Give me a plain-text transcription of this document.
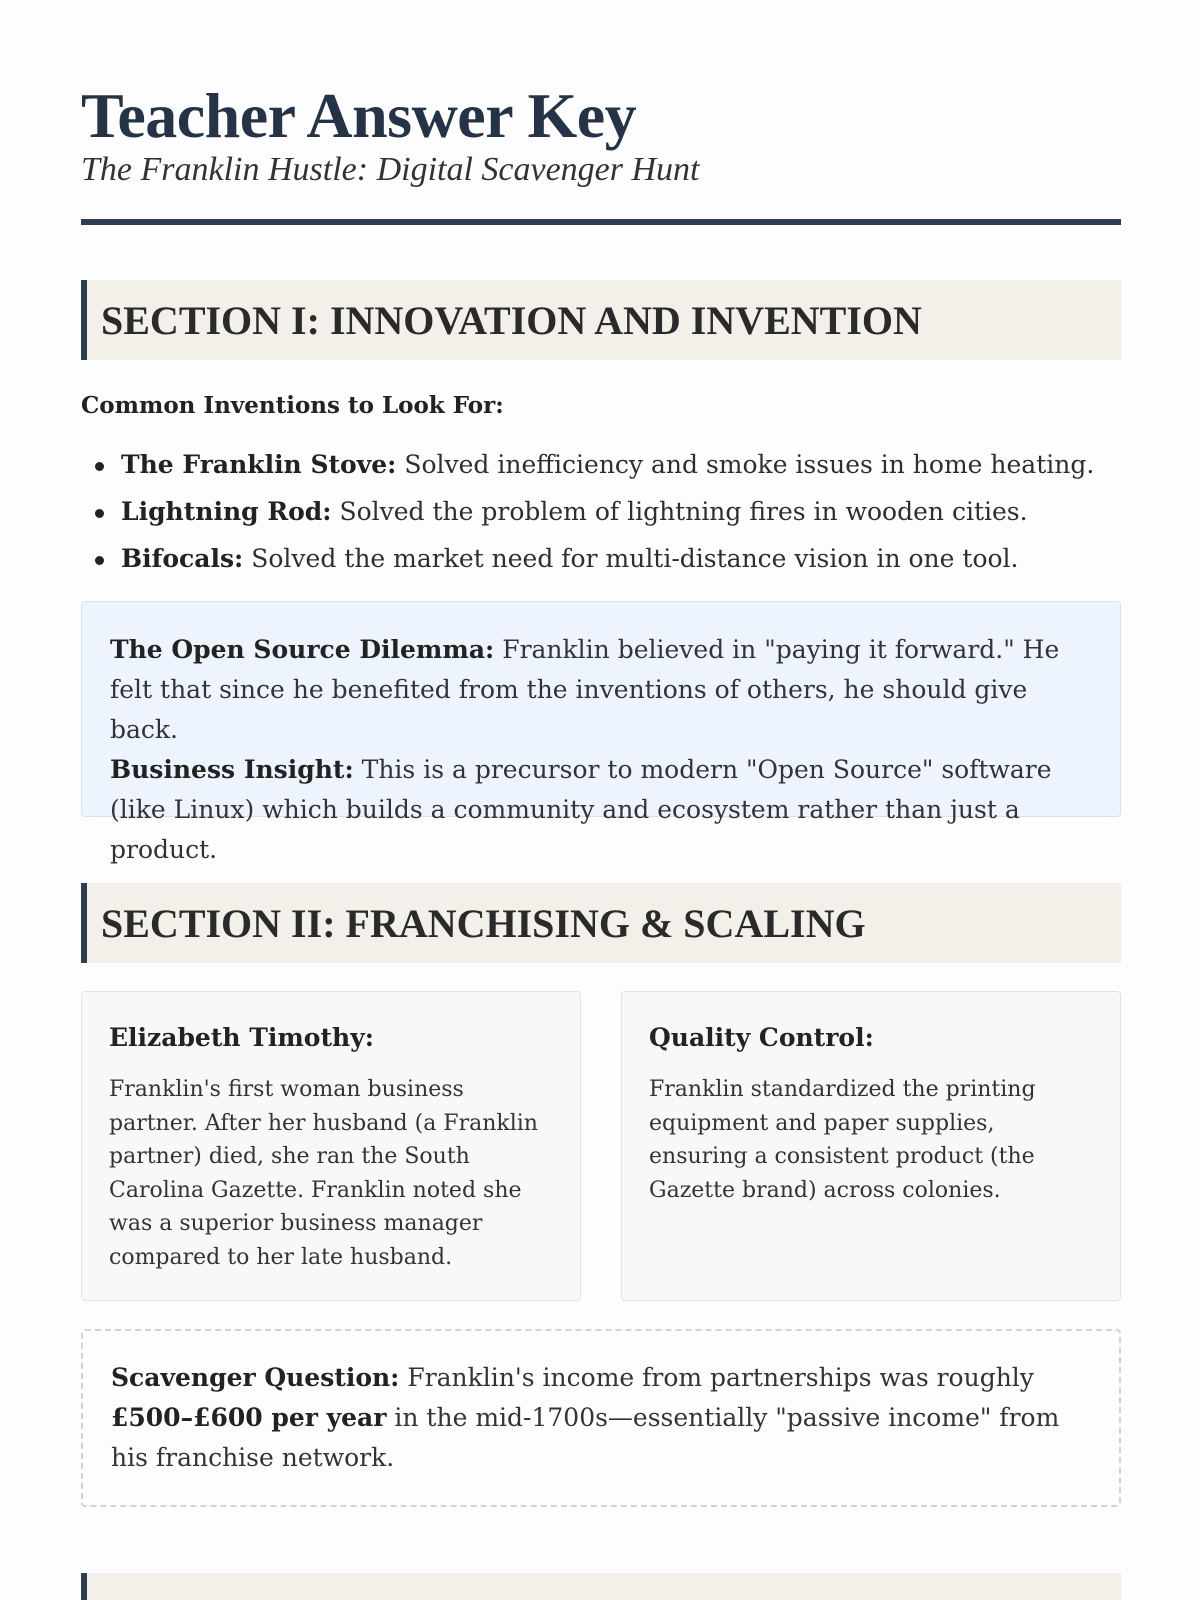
Teacher Answer Key
The Franklin Hustle: Digital Scavenger Hunt
SECTION I: INNOVATION AND INVENTION
Common Inventions to Look For:
The Franklin Stove: Solved inefficiency and smoke issues in home heating.
Lightning Rod: Solved the problem of lightning fires in wooden cities.
Bifocals: Solved the market need for multi-distance vision in one tool.
The Open Source Dilemma: Franklin believed in "paying it forward." He felt that since he benefited from the inventions of others, he should give back.
Business Insight: This is a precursor to modern "Open Source" software (like Linux) which builds a community and ecosystem rather than just a product.
SECTION II: FRANCHISING & SCALING
Elizabeth Timothy:

Franklin's first woman business partner. After her husband (a Franklin partner) died, she ran the South Carolina Gazette. Franklin noted she was a superior business manager compared to her late husband.

Quality Control:

Franklin standardized the printing equipment and paper supplies, ensuring a consistent product (the Gazette brand) across colonies.

Scavenger Question: Franklin's income from partnerships was roughly £500–£600 per year in the mid-1700s—essentially "passive income" from his franchise network.
